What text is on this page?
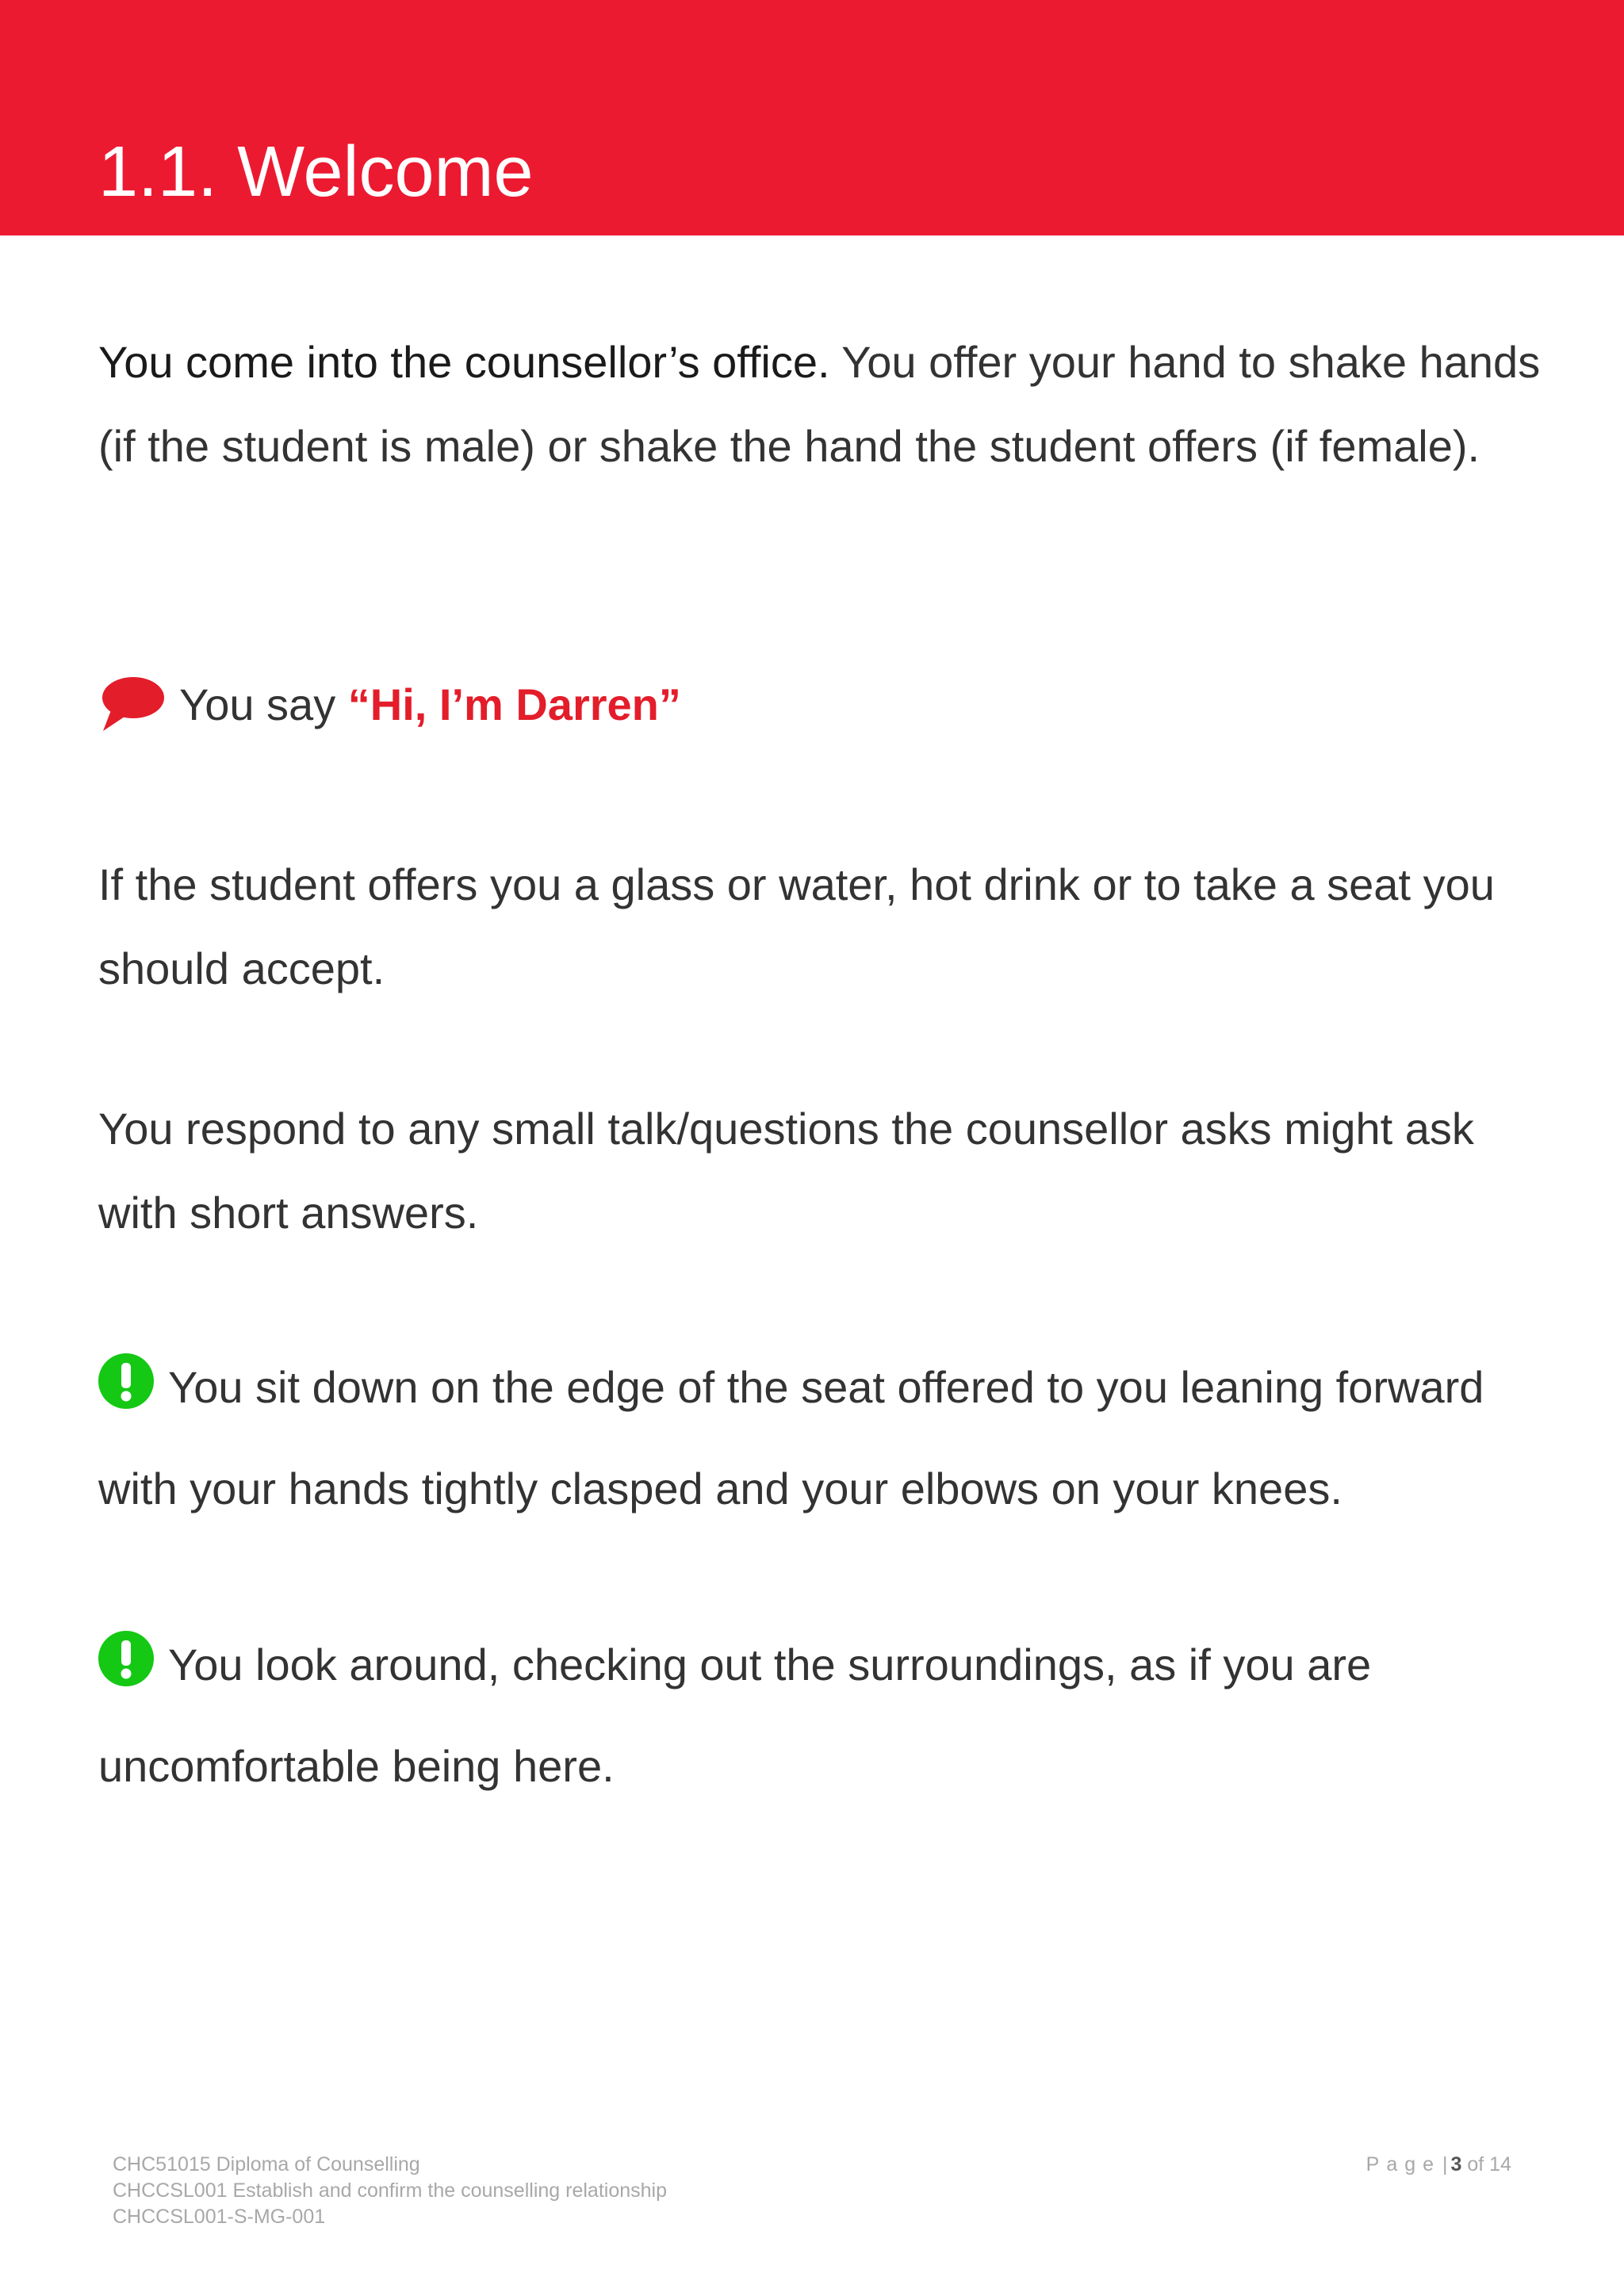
1.1. Welcome

You come into the counsellor’s office. You offer your hand to shake hands (if the student is male) or shake the hand the student offers (if female).

You say “Hi, I’m Darren”

If the student offers you a glass or water, hot drink or to take a seat you should accept.

You respond to any small talk/questions the counsellor asks might ask with short answers.

You sit down on the edge of the seat offered to you leaning forward with your hands tightly clasped and your elbows on your knees.

You look around, checking out the surroundings, as if you are uncomfortable being here.

CHC51015 Diploma of Counselling
CHCCSL001 Establish and confirm the counselling relationship
CHCCSL001-S-MG-001
Page| 3 of 14
